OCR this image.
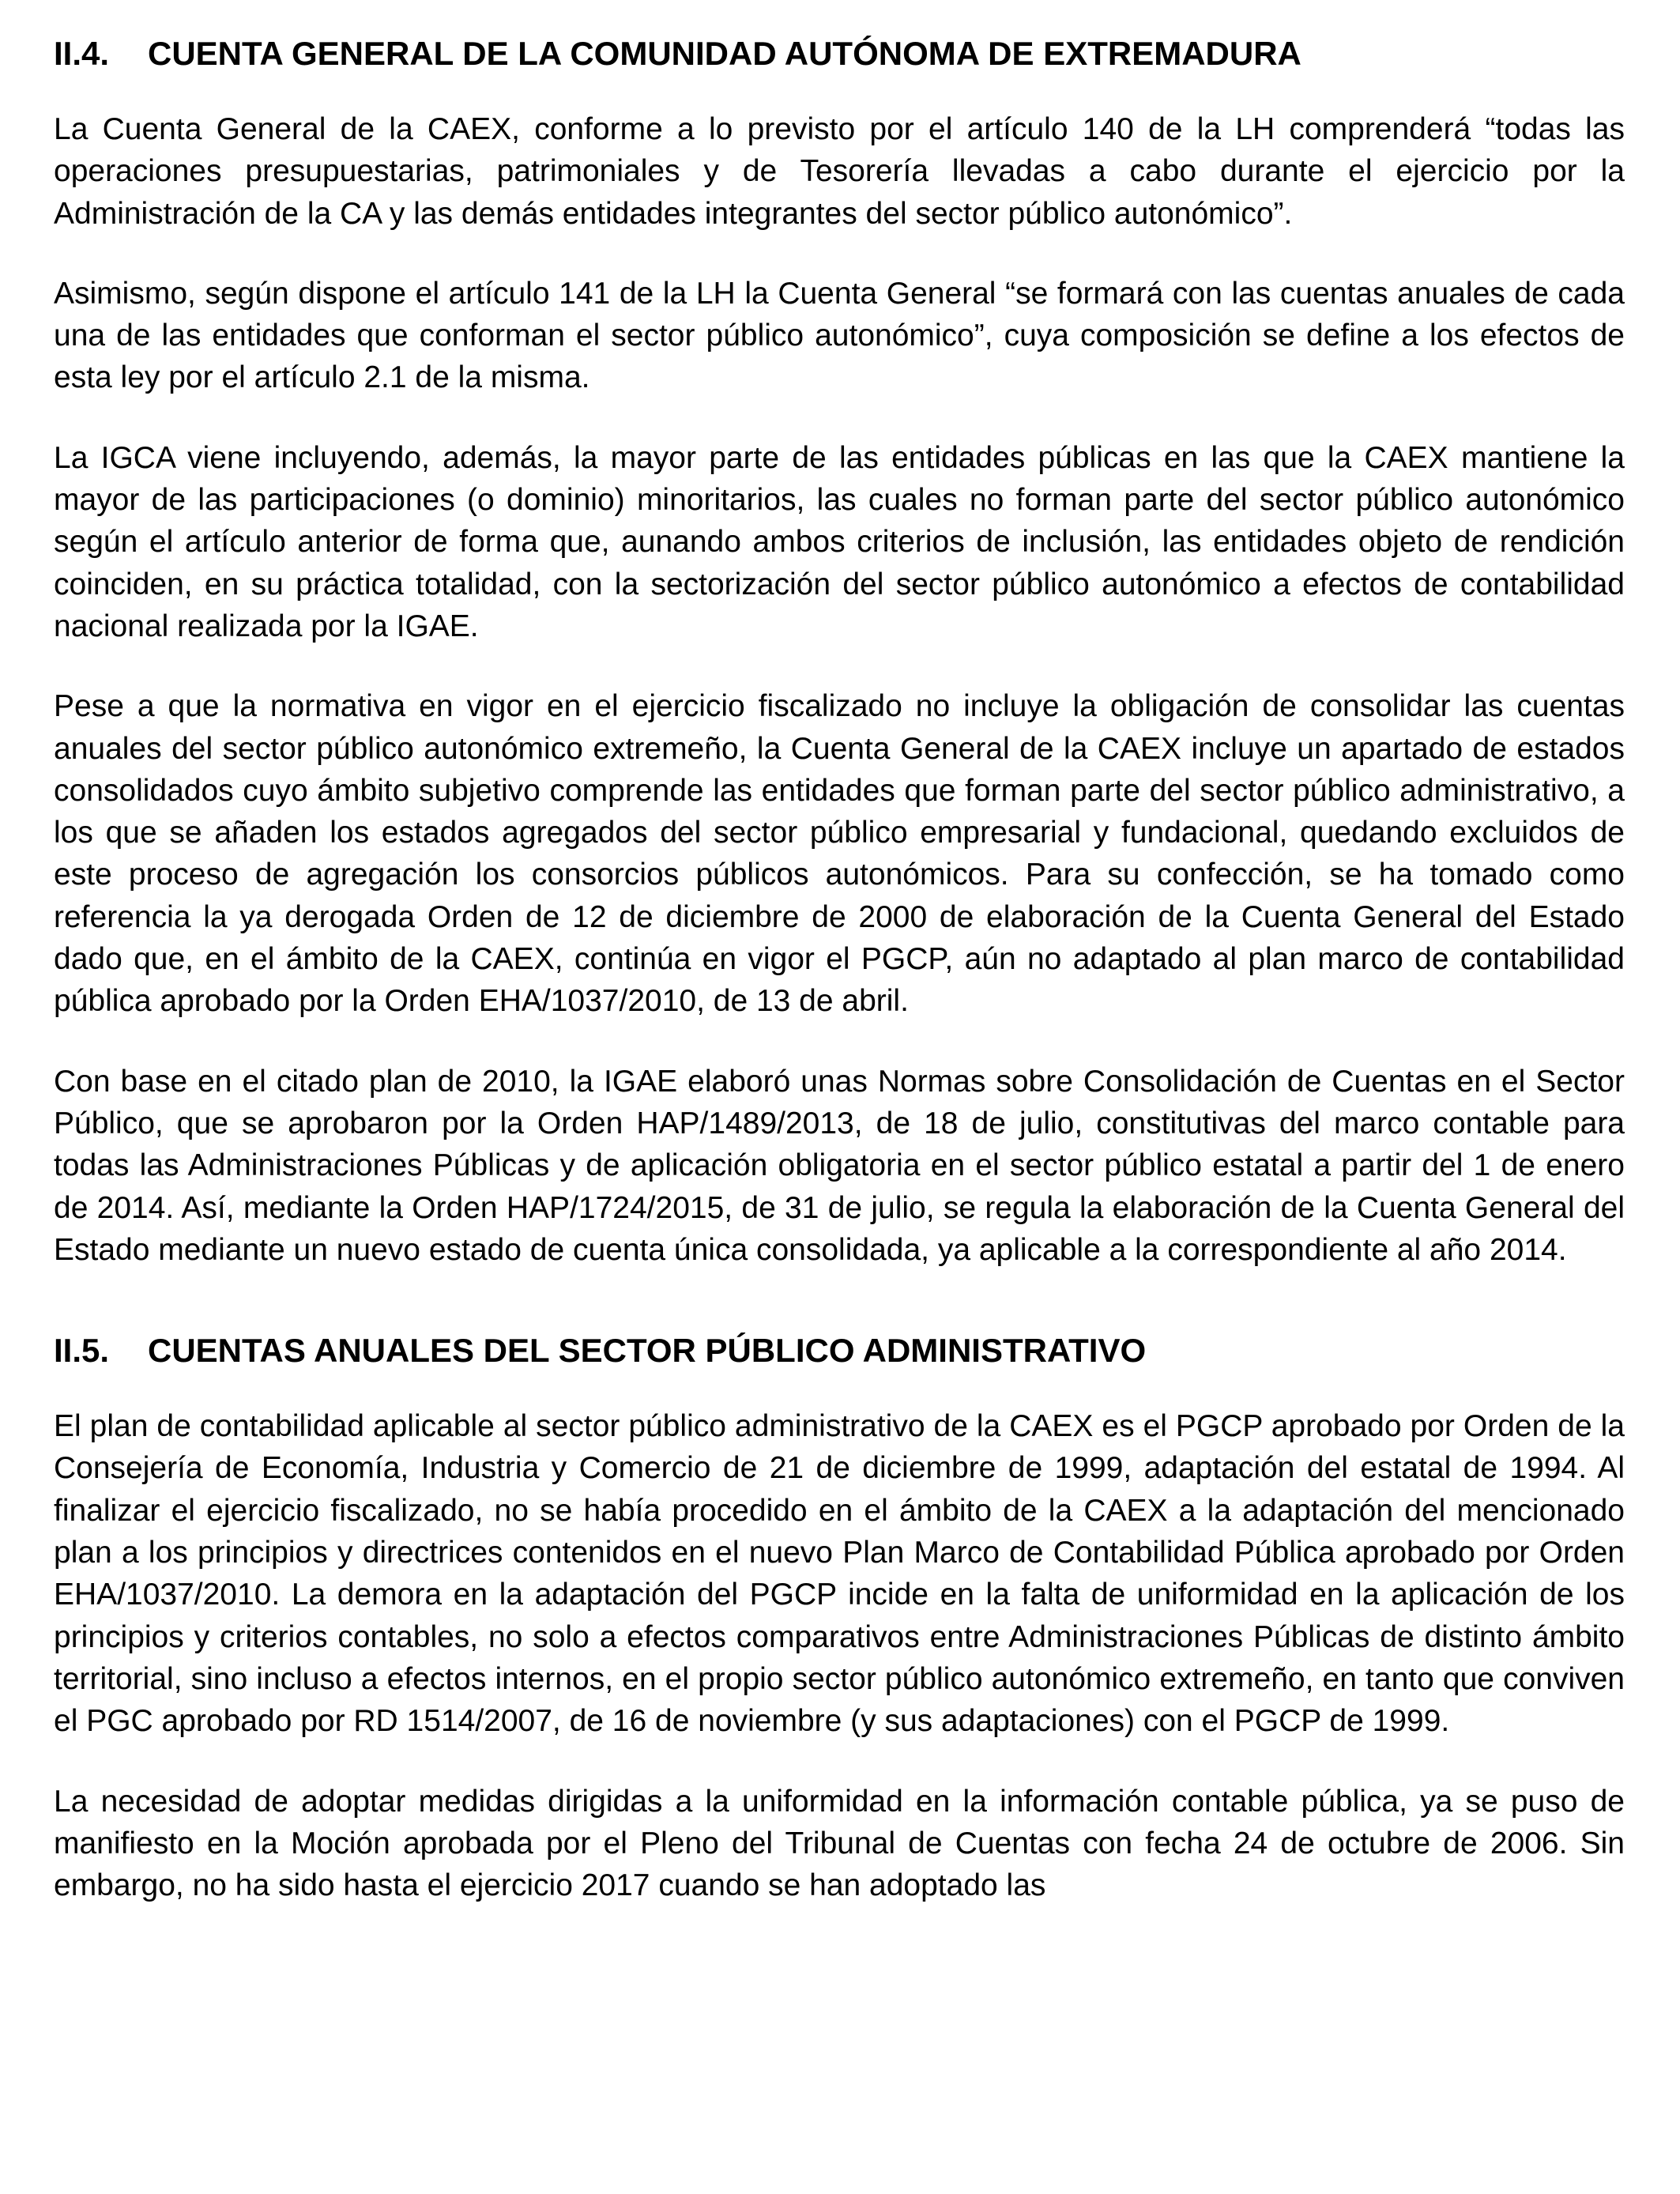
II.4.	CUENTA GENERAL DE LA COMUNIDAD AUTÓNOMA DE EXTREMADURA

La Cuenta General de la CAEX, conforme a lo previsto por el artículo 140 de la LH comprenderá “todas las operaciones presupuestarias, patrimoniales y de Tesorería llevadas a cabo durante el ejercicio por la Administración de la CA y las demás entidades integrantes del sector público autonómico”.

Asimismo, según dispone el artículo 141 de la LH la Cuenta General “se formará con las cuentas anuales de cada una de las entidades que conforman el sector público autonómico”, cuya composición se define a los efectos de esta ley por el artículo 2.1 de la misma.

La IGCA viene incluyendo, además, la mayor parte de las entidades públicas en las que la CAEX mantiene la mayor de las participaciones (o dominio) minoritarios, las cuales no forman parte del sector público autonómico según el artículo anterior de forma que, aunando ambos criterios de inclusión, las entidades objeto de rendición coinciden, en su práctica totalidad, con la sectorización del sector público autonómico a efectos de contabilidad nacional realizada por la IGAE.

Pese a que la normativa en vigor en el ejercicio fiscalizado no incluye la obligación de consolidar las cuentas anuales del sector público autonómico extremeño, la Cuenta General de la CAEX incluye un apartado de estados consolidados cuyo ámbito subjetivo comprende las entidades que forman parte del sector público administrativo, a los que se añaden los estados agregados del sector público empresarial y fundacional, quedando excluidos de este proceso de agregación los consorcios públicos autonómicos. Para su confección, se ha tomado como referencia la ya derogada Orden de 12 de diciembre de 2000 de elaboración de la Cuenta General del Estado dado que, en el ámbito de la CAEX, continúa en vigor el PGCP, aún no adaptado al plan marco de contabilidad pública aprobado por la Orden EHA/1037/2010, de 13 de abril.

Con base en el citado plan de 2010, la IGAE elaboró unas Normas sobre Consolidación de Cuentas en el Sector Público, que se aprobaron por la Orden HAP/1489/2013, de 18 de julio, constitutivas del marco contable para todas las Administraciones Públicas y de aplicación obligatoria en el sector público estatal a partir del 1 de enero de 2014. Así, mediante la Orden HAP/1724/2015, de 31 de julio, se regula la elaboración de la Cuenta General del Estado mediante un nuevo estado de cuenta única consolidada, ya aplicable a la correspondiente al año 2014.

II.5.	CUENTAS ANUALES DEL SECTOR PÚBLICO ADMINISTRATIVO

El plan de contabilidad aplicable al sector público administrativo de la CAEX es el PGCP aprobado por Orden de la Consejería de Economía, Industria y Comercio de 21 de diciembre de 1999, adaptación del estatal de 1994. Al finalizar el ejercicio fiscalizado, no se había procedido en el ámbito de la CAEX a la adaptación del mencionado plan a los principios y directrices contenidos en el nuevo Plan Marco de Contabilidad Pública aprobado por Orden EHA/1037/2010. La demora en la adaptación del PGCP incide en la falta de uniformidad en la aplicación de los principios y criterios contables, no solo a efectos comparativos entre Administraciones Públicas de distinto ámbito territorial, sino incluso a efectos internos, en el propio sector público autonómico extremeño, en tanto que conviven el PGC aprobado por RD 1514/2007, de 16 de noviembre (y sus adaptaciones) con el PGCP de 1999.

La necesidad de adoptar medidas dirigidas a la uniformidad en la información contable pública, ya se puso de manifiesto en la Moción aprobada por el Pleno del Tribunal de Cuentas con fecha 24 de octubre de 2006. Sin embargo, no ha sido hasta el ejercicio 2017 cuando se han adoptado las
